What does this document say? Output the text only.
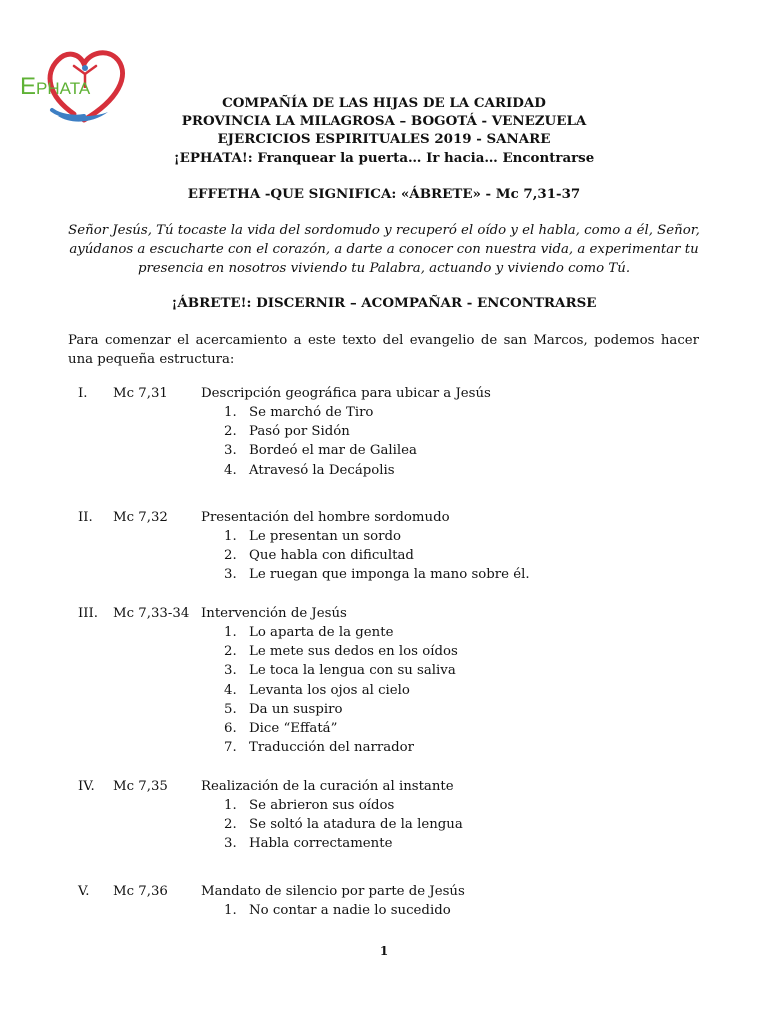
E PHATA
COMPAÑÍA DE LAS HIJAS DE LA CARIDAD
PROVINCIA LA MILAGROSA – BOGOTÁ - VENEZUELA
EJERCICIOS ESPIRITUALES 2019 - SANARE
¡EPHATA!: Franquear la puerta… Ir hacia… Encontrarse
EFFETHA -QUE SIGNIFICA: «ÁBRETE» - Mc 7,31-37
Señor Jesús, Tú tocaste la vida del sordomudo y recuperó el oído y el habla, como a él, Señor, ayúdanos a escucharte con el corazón, a darte a conocer con nuestra vida, a experimentar tu presencia en nosotros viviendo tu Palabra, actuando y viviendo como Tú.
¡ÁBRETE!: DISCERNIR – ACOMPAÑAR - ENCONTRARSE
Para comenzar el acercamiento a este texto del evangelio de san Marcos, podemos hacer una pequeña estructura:
I. Mc 7,31 Descripción geográfica para ubicar a Jesús
1. Se marchó de Tiro
2. Pasó por Sidón
3. Bordeó el mar de Galilea
4. Atravesó la Decápolis
II. Mc 7,32 Presentación del hombre sordomudo
1. Le presentan un sordo
2. Que habla con dificultad
3. Le ruegan que imponga la mano sobre él.
III. Mc 7,33-34 Intervención de Jesús
1. Lo aparta de la gente
2. Le mete sus dedos en los oídos
3. Le toca la lengua con su saliva
4. Levanta los ojos al cielo
5. Da un suspiro
6. Dice “Effatá”
7. Traducción del narrador
IV. Mc 7,35 Realización de la curación al instante
1. Se abrieron sus oídos
2. Se soltó la atadura de la lengua
3. Habla correctamente
V. Mc 7,36 Mandato de silencio por parte de Jesús
1. No contar a nadie lo sucedido
1
